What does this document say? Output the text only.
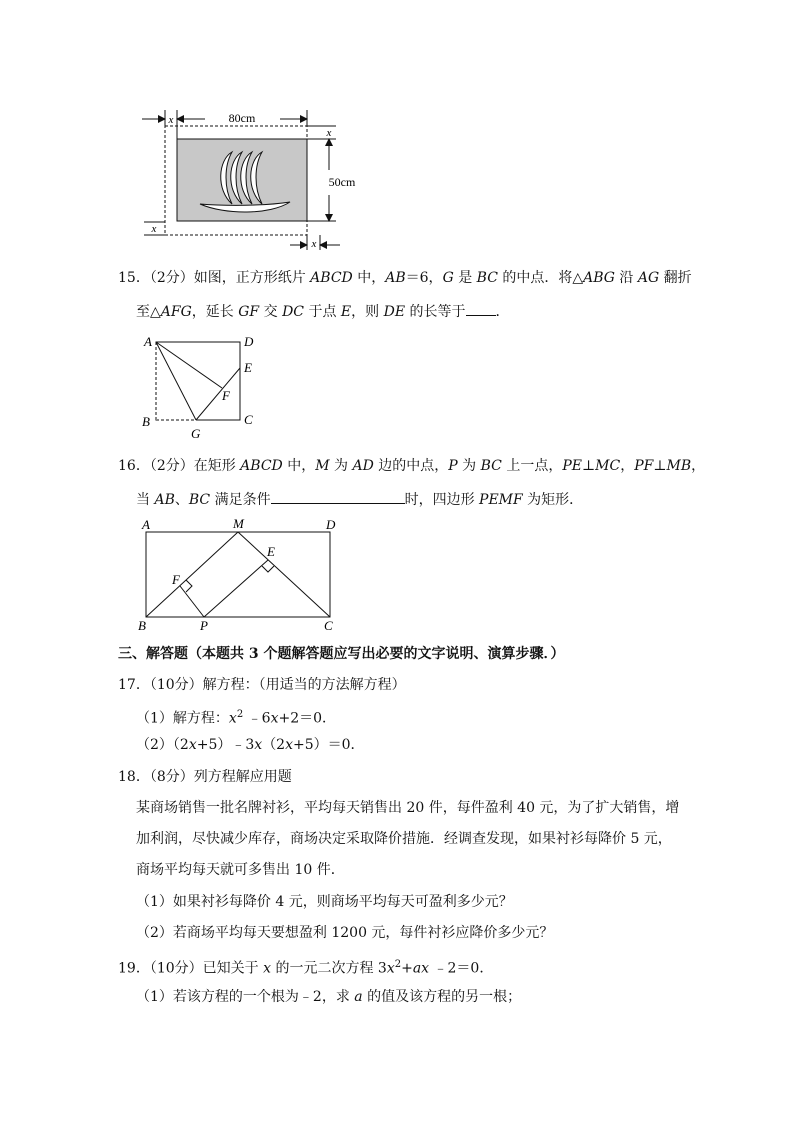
80cm
x
50cm
x
x
x
15．（2分）如图，正方形纸片 ABCD 中，AB＝6，G 是 BC 的中点．将△ABG 沿 AG 翻折
至△AFG，延长 GF 交 DC 于点 E，则 DE 的长等于 ．
A	D
E
F
B	C
G
16．（2分）在矩形 ABCD 中，M 为 AD 边的中点，P 为 BC 上一点，PE⊥MC，PF⊥MB，
当 AB、BC 满足条件	时，四边形 PEMF 为矩形．
A	M	D
E
F
B	P	C
三、解答题（本题共 3 个题解答题应写出必要的文字说明、演算步骤．）
17．（10分）解方程：（用适当的方法解方程）
（1）解方程：$x^2$ ﹣6x+2＝0．
（2）（2x+5）﹣3x（2x+5）＝0．
18．（8分）列方程解应用题
某商场销售一批名牌衬衫，平均每天销售出 20 件，每件盈利 40 元，为了扩大销售，增
加利润，尽快减少库存，商场决定采取降价措施．经调查发现，如果衬衫每降价 5 元，
商场平均每天就可多售出 10 件．
（1）如果衬衫每降价 4 元，则商场平均每天可盈利多少元？
（2）若商场平均每天要想盈利 1200 元，每件衬衫应降价多少元？
19．（10分）已知关于 x 的一元二次方程 $3x^2+ax$ ﹣2＝0．
（1）若该方程的一个根为﹣2，求 a 的值及该方程的另一根；
